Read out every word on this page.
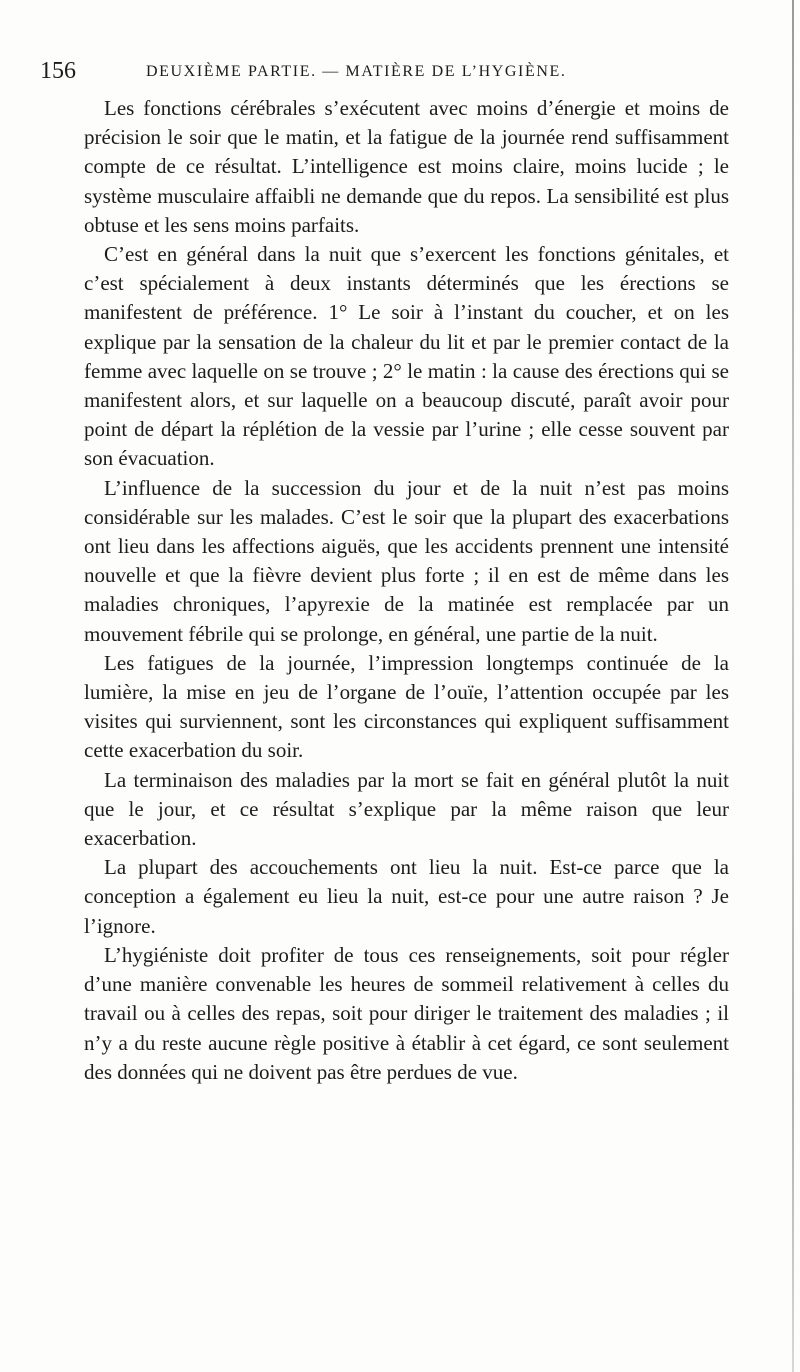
156	DEUXIÈME PARTIE. — MATIÈRE DE L’HYGIÈNE.

Les fonctions cérébrales s’exécutent avec moins d’énergie et moins de précision le soir que le matin, et la fatigue de la journée rend suffisamment compte de ce résultat. L’intelligence est moins claire, moins lucide ; le système musculaire affaibli ne demande que du repos. La sensibilité est plus obtuse et les sens moins parfaits.

C’est en général dans la nuit que s’exercent les fonctions génitales, et c’est spécialement à deux instants déterminés que les érections se manifestent de préférence. 1° Le soir à l’instant du coucher, et on les explique par la sensation de la chaleur du lit et par le premier contact de la femme avec laquelle on se trouve ; 2° le matin : la cause des érections qui se manifestent alors, et sur laquelle on a beaucoup discuté, paraît avoir pour point de départ la réplétion de la vessie par l’urine ; elle cesse souvent par son évacuation.

L’influence de la succession du jour et de la nuit n’est pas moins considérable sur les malades. C’est le soir que la plupart des exacerbations ont lieu dans les affections aiguës, que les accidents prennent une intensité nouvelle et que la fièvre devient plus forte ; il en est de même dans les maladies chroniques, l’apyrexie de la matinée est remplacée par un mouvement fébrile qui se prolonge, en général, une partie de la nuit.

Les fatigues de la journée, l’impression longtemps continuée de la lumière, la mise en jeu de l’organe de l’ouïe, l’attention occupée par les visites qui surviennent, sont les circonstances qui expliquent suffisamment cette exacerbation du soir.

La terminaison des maladies par la mort se fait en général plutôt la nuit que le jour, et ce résultat s’explique par la même raison que leur exacerbation.

La plupart des accouchements ont lieu la nuit. Est-ce parce que la conception a également eu lieu la nuit, est-ce pour une autre raison ? Je l’ignore.

L’hygiéniste doit profiter de tous ces renseignements, soit pour régler d’une manière convenable les heures de sommeil relativement à celles du travail ou à celles des repas, soit pour diriger le traitement des maladies ; il n’y a du reste aucune règle positive à établir à cet égard, ce sont seulement des données qui ne doivent pas être perdues de vue.
